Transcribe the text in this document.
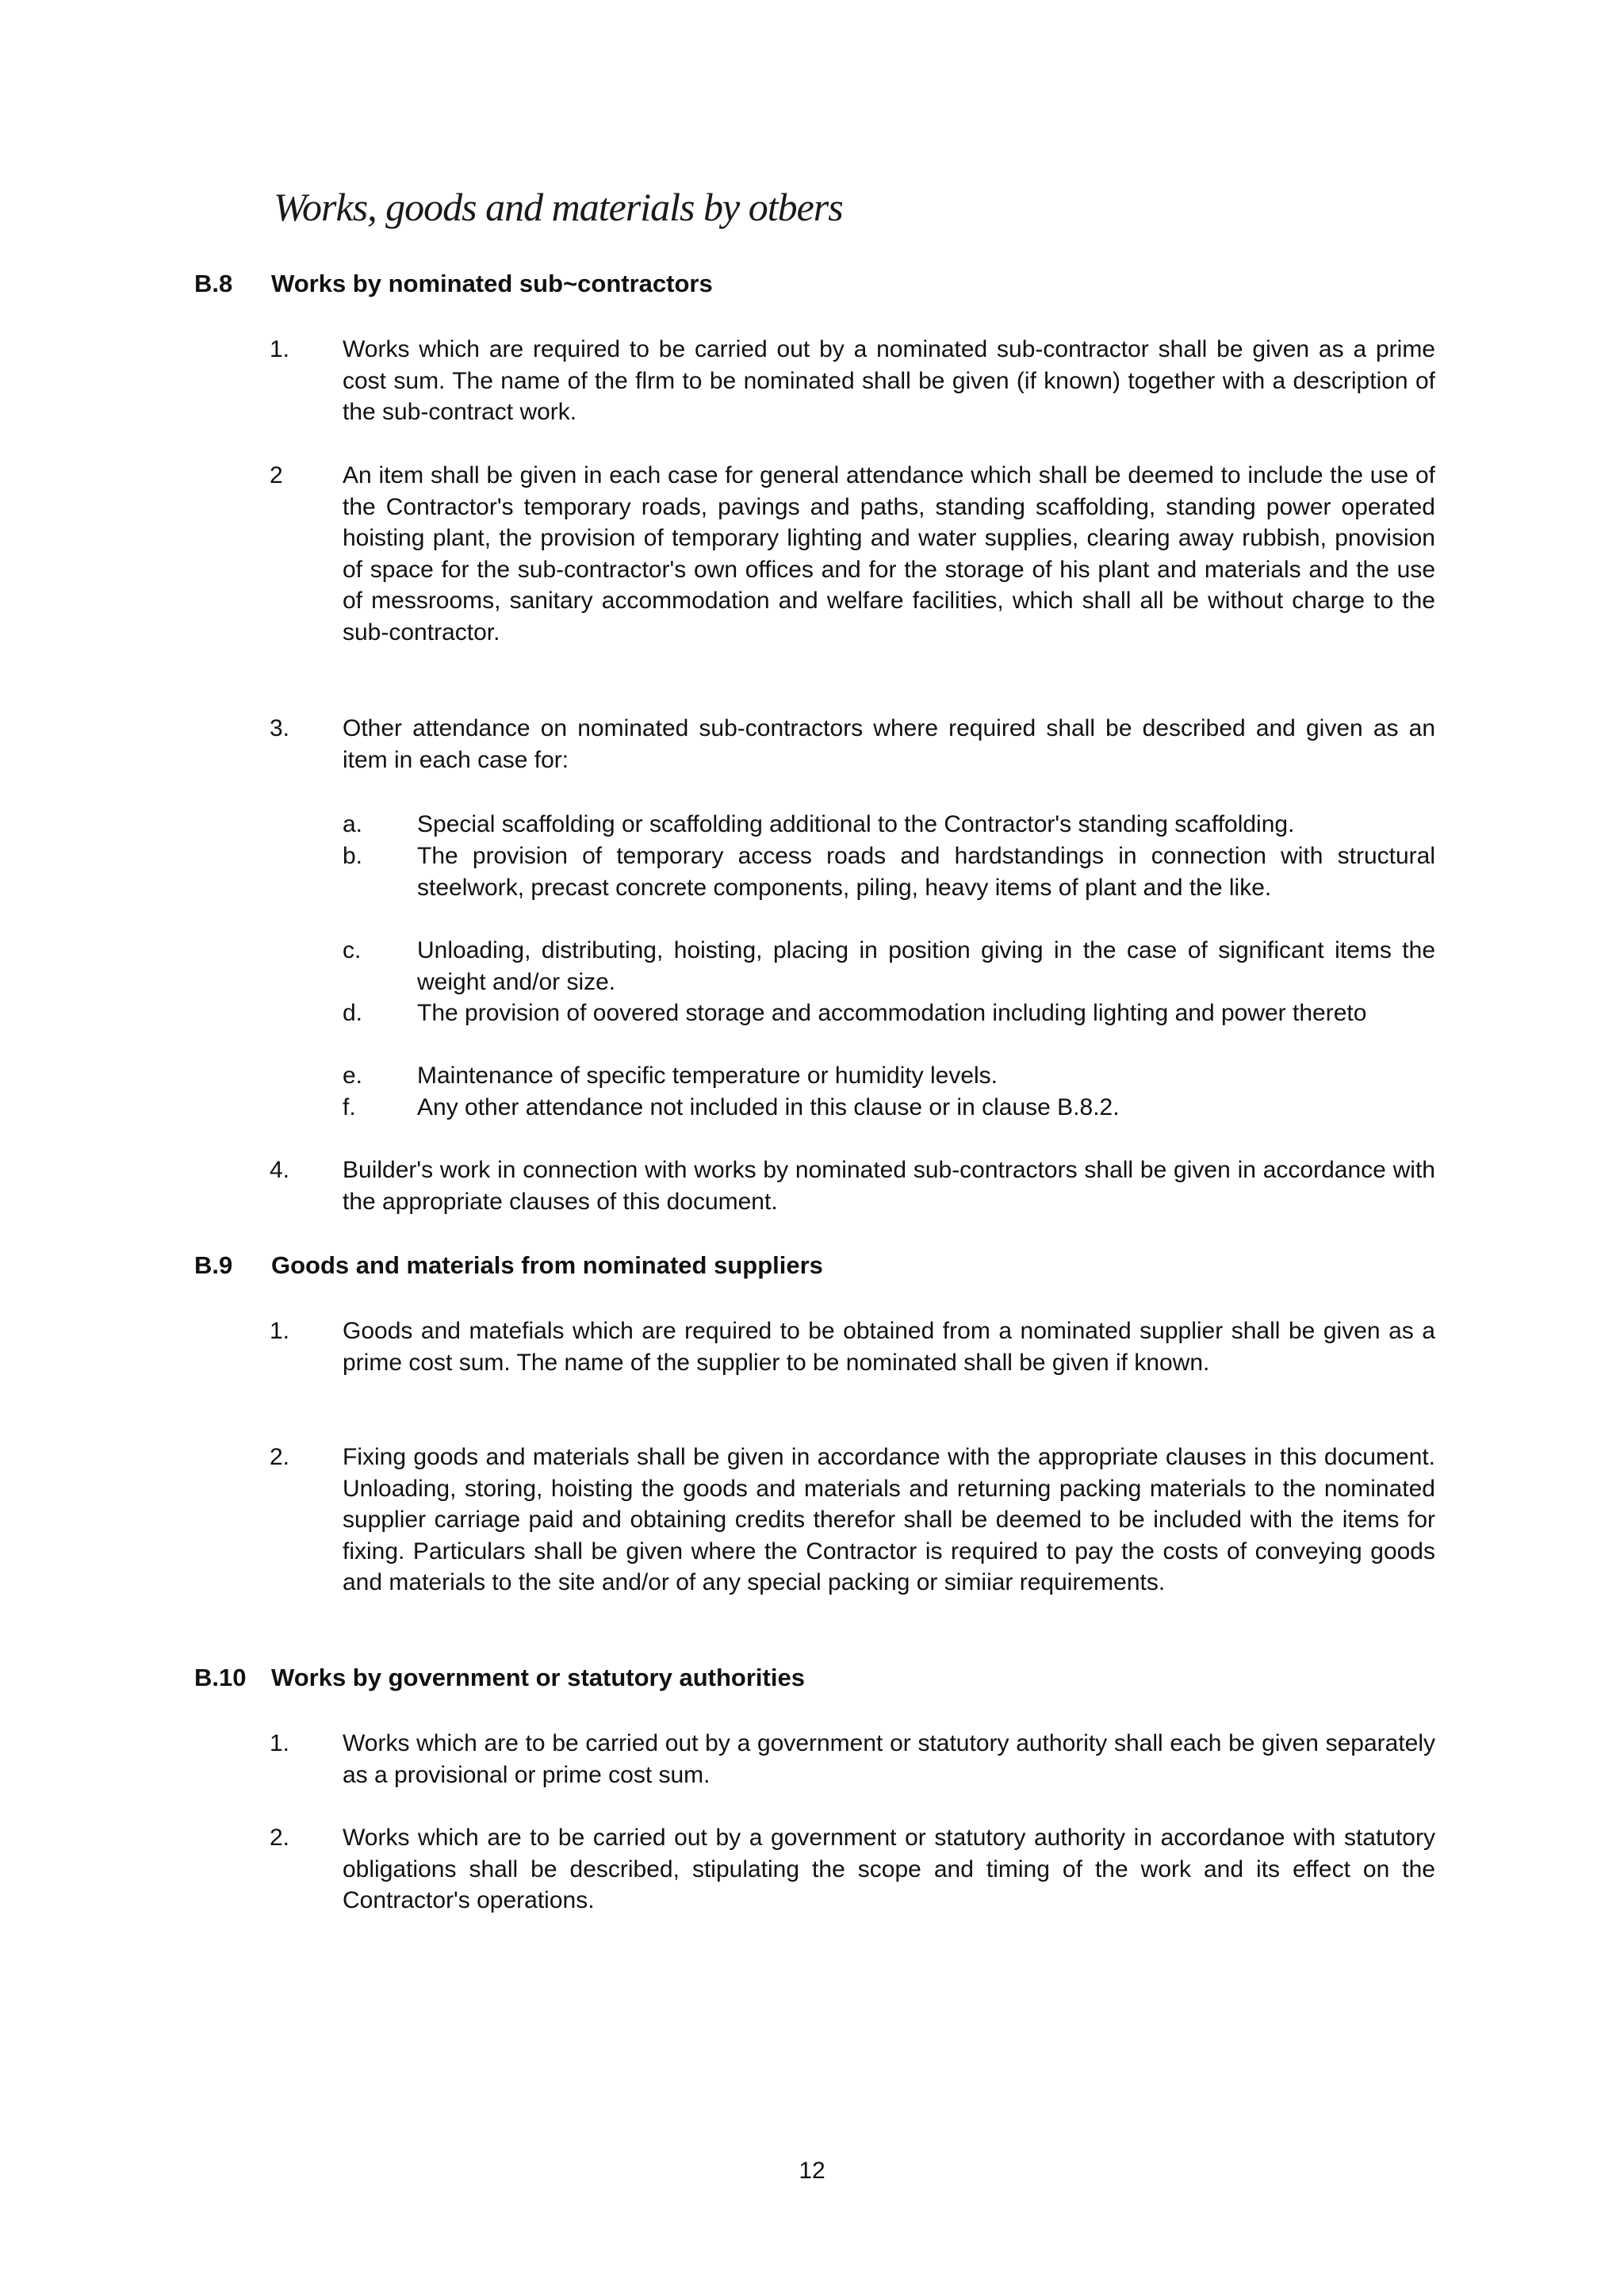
Works, goods and materials by otbers
B.8 Works by nominated sub~contractors
1. Works which are required to be carried out by a nominated sub-contractor shall be given as a prime cost sum. The name of the flrm to be nominated shall be given (if known) together with a description of the sub-contract work.
2	An item shall be given in each case for general attendance which shall be deemed to include the use of the Contractor's temporary roads, pavings and paths, standing scaffolding, standing power operated hoisting plant, the provision of temporary lighting and water supplies, clearing away rubbish, pnovision of space for the sub-contractor's own offices and for the storage of his plant and materials and the use of messrooms, sanitary accommodation and welfare facilities, which shall all be without charge to the sub-contractor.
3. Other attendance on nominated sub-contractors where required shall be described and given as an item in each case for:
a. Special scaffolding or scaffolding additional to the Contractor's standing scaffolding.
b. The provision of temporary access roads and hardstandings in connection with structural steelwork, precast concrete components, piling, heavy items of plant and the like.
c. Unloading, distributing, hoisting, placing in position giving in the case of significant items the weight and/or size.
d. The provision of oovered storage and accommodation including lighting and power thereto
e. Maintenance of specific temperature or humidity levels.
f.	Any other attendance not included in this clause or in clause B.8.2.
4. Builder's work in connection with works by nominated sub-contractors shall be given in accordance with the appropriate clauses of this document.
B.9 Goods and materials from nominated suppliers
1. Goods and matefials which are required to be obtained from a nominated supplier shall be given as a prime cost sum. The name of the supplier to be nominated shall be given if known.
2. Fixing goods and materials shall be given in accordance with the appropriate clauses in this document. Unloading, storing, hoisting the goods and materials and returning packing materials to the nominated supplier carriage paid and obtaining credits therefor shall be deemed to be included with the items for fixing. Particulars shall be given where the Contractor is required to pay the costs of conveying goods and materials to the site and/or of any special packing or simiiar requirements.
B.10 Works by government or statutory authorities
1. Works which are to be carried out by a government or statutory authority shall each be given separately as a provisional or prime cost sum.
2. Works which are to be carried out by a government or statutory authority in accordanoe with statutory obligations shall be described, stipulating the scope and timing of the work and its effect on the Contractor's operations.
12
